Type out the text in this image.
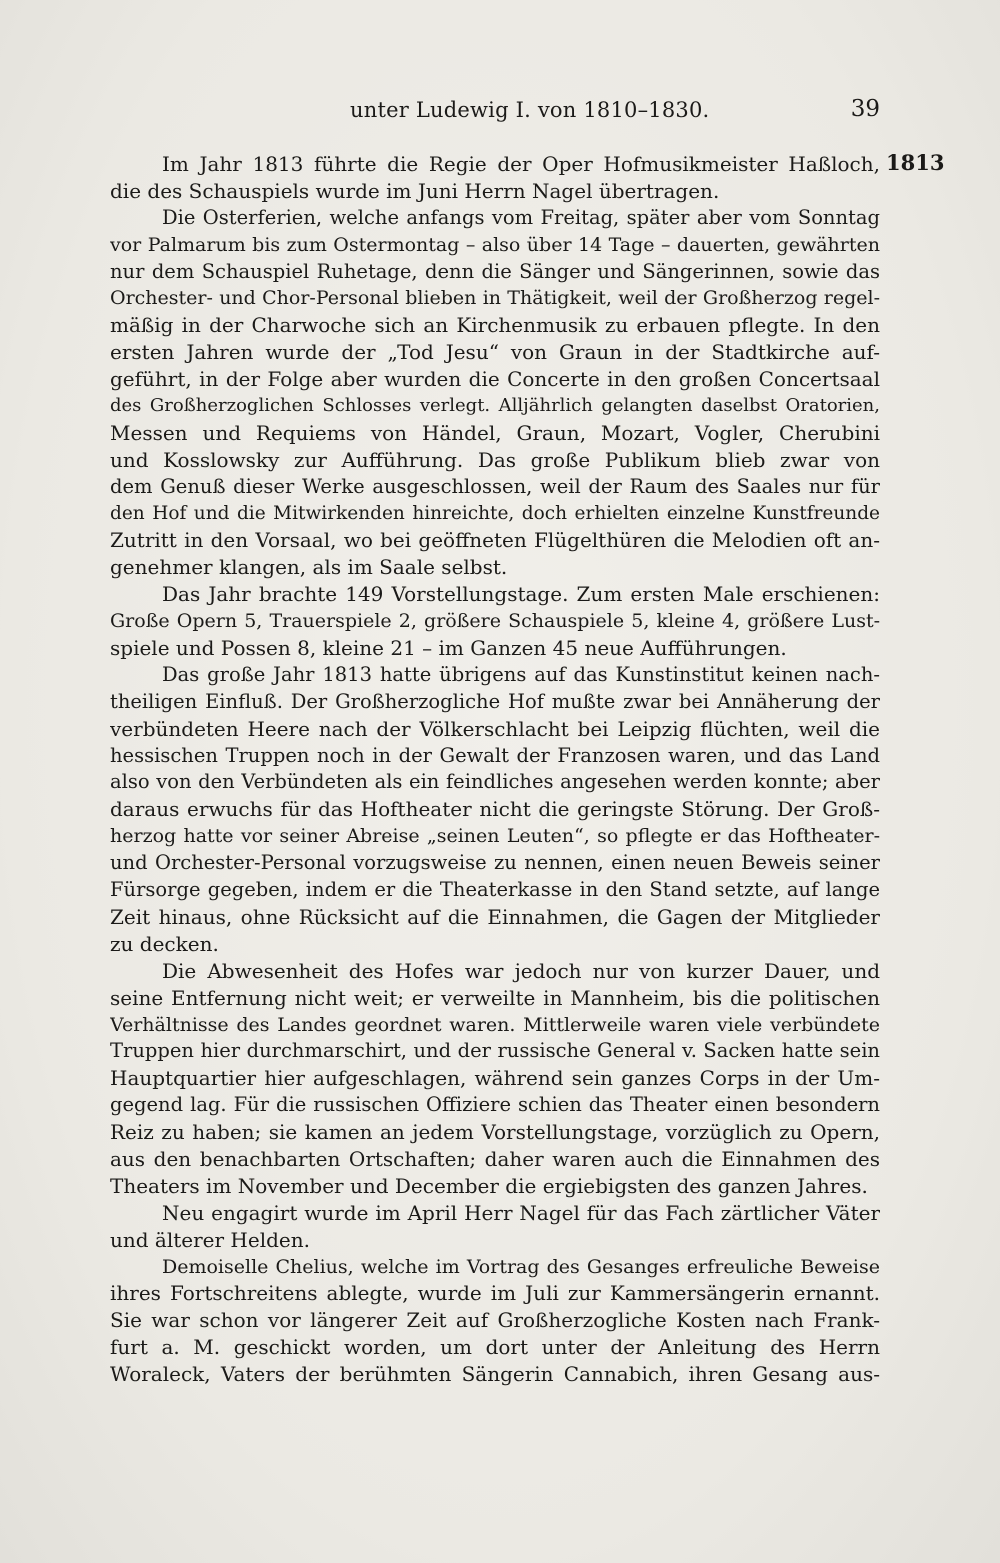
unter Ludewig I. von 1810–1830.	39
1813
Im Jahr 1813 führte die Regie der Oper Hofmusikmeister Haßloch,
die des Schauspiels wurde im Juni Herrn Nagel übertragen.
Die Osterferien, welche anfangs vom Freitag, später aber vom Sonntag
vor Palmarum bis zum Ostermontag – also über 14 Tage – dauerten, gewährten
nur dem Schauspiel Ruhetage, denn die Sänger und Sängerinnen, sowie das
Orchester- und Chor-Personal blieben in Thätigkeit, weil der Großherzog regel-
mäßig in der Charwoche sich an Kirchenmusik zu erbauen pflegte. In den
ersten Jahren wurde der „Tod Jesu“ von Graun in der Stadtkirche auf-
geführt, in der Folge aber wurden die Concerte in den großen Concertsaal
des Großherzoglichen Schlosses verlegt. Alljährlich gelangten daselbst Oratorien,
Messen und Requiems von Händel, Graun, Mozart, Vogler, Cherubini
und Kosslowsky zur Aufführung. Das große Publikum blieb zwar von
dem Genuß dieser Werke ausgeschlossen, weil der Raum des Saales nur für
den Hof und die Mitwirkenden hinreichte, doch erhielten einzelne Kunstfreunde
Zutritt in den Vorsaal, wo bei geöffneten Flügelthüren die Melodien oft an-
genehmer klangen, als im Saale selbst.
Das Jahr brachte 149 Vorstellungstage. Zum ersten Male erschienen:
Große Opern 5, Trauerspiele 2, größere Schauspiele 5, kleine 4, größere Lust-
spiele und Possen 8, kleine 21 – im Ganzen 45 neue Aufführungen.
Das große Jahr 1813 hatte übrigens auf das Kunstinstitut keinen nach-
theiligen Einfluß. Der Großherzogliche Hof mußte zwar bei Annäherung der
verbündeten Heere nach der Völkerschlacht bei Leipzig flüchten, weil die
hessischen Truppen noch in der Gewalt der Franzosen waren, und das Land
also von den Verbündeten als ein feindliches angesehen werden konnte; aber
daraus erwuchs für das Hoftheater nicht die geringste Störung. Der Groß-
herzog hatte vor seiner Abreise „seinen Leuten“, so pflegte er das Hoftheater-
und Orchester-Personal vorzugsweise zu nennen, einen neuen Beweis seiner
Fürsorge gegeben, indem er die Theaterkasse in den Stand setzte, auf lange
Zeit hinaus, ohne Rücksicht auf die Einnahmen, die Gagen der Mitglieder
zu decken.
Die Abwesenheit des Hofes war jedoch nur von kurzer Dauer, und
seine Entfernung nicht weit; er verweilte in Mannheim, bis die politischen
Verhältnisse des Landes geordnet waren. Mittlerweile waren viele verbündete
Truppen hier durchmarschirt, und der russische General v. Sacken hatte sein
Hauptquartier hier aufgeschlagen, während sein ganzes Corps in der Um-
gegend lag. Für die russischen Offiziere schien das Theater einen besondern
Reiz zu haben; sie kamen an jedem Vorstellungstage, vorzüglich zu Opern,
aus den benachbarten Ortschaften; daher waren auch die Einnahmen des
Theaters im November und December die ergiebigsten des ganzen Jahres.
Neu engagirt wurde im April Herr Nagel für das Fach zärtlicher Väter
und älterer Helden.
Demoiselle Chelius, welche im Vortrag des Gesanges erfreuliche Beweise
ihres Fortschreitens ablegte, wurde im Juli zur Kammersängerin ernannt.
Sie war schon vor längerer Zeit auf Großherzogliche Kosten nach Frank-
furt a. M. geschickt worden, um dort unter der Anleitung des Herrn
Woraleck, Vaters der berühmten Sängerin Cannabich, ihren Gesang aus-
